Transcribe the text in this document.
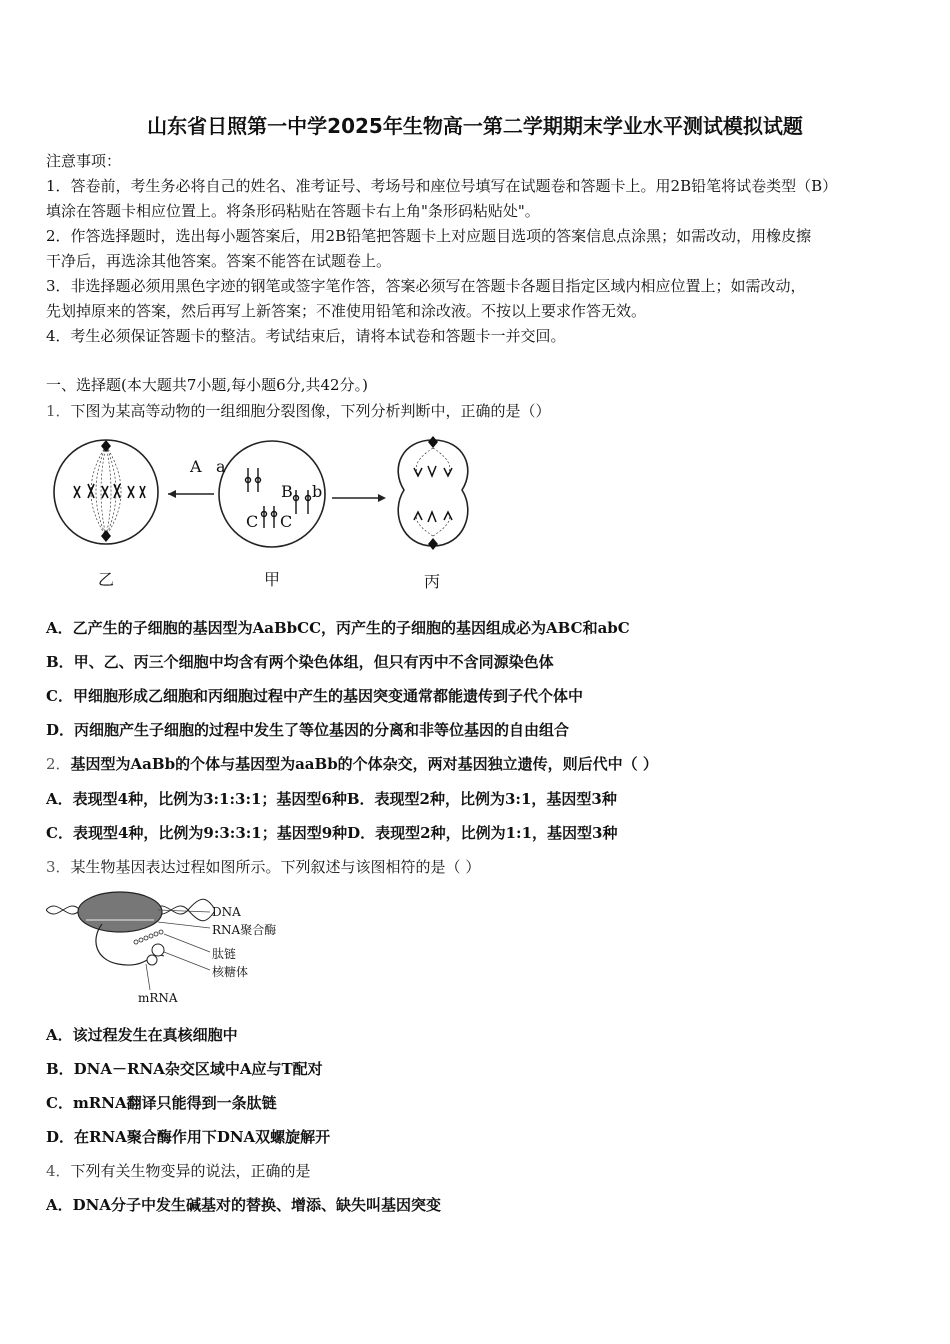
山东省日照第一中学2025年生物高一第二学期期末学业水平测试模拟试题
注意事项：
1．答卷前，考生务必将自己的姓名、准考证号、考场号和座位号填写在试题卷和答题卡上。用2B铅笔将试卷类型（B）
填涂在答题卡相应位置上。将条形码粘贴在答题卡右上角"条形码粘贴处"。
2．作答选择题时，选出每小题答案后，用2B铅笔把答题卡上对应题目选项的答案信息点涂黑；如需改动，用橡皮擦
干净后，再选涂其他答案。答案不能答在试题卷上。
3．非选择题必须用黑色字迹的钢笔或签字笔作答，答案必须写在答题卡各题目指定区域内相应位置上；如需改动，
先划掉原来的答案，然后再写上新答案；不准使用铅笔和涂改液。不按以上要求作答无效。
4．考生必须保证答题卡的整洁。考试结束后，请将本试卷和答题卡一并交回。
一、选择题(本大题共7小题,每小题6分,共42分。)
1．下图为某高等动物的一组细胞分裂图像，下列分析判断中，正确的是（）
A a
B b
C C
乙	甲	丙
A．乙产生的子细胞的基因型为AaBbCC，丙产生的子细胞的基因组成必为ABC和abC
B．甲、乙、丙三个细胞中均含有两个染色体组，但只有丙中不含同源染色体
C．甲细胞形成乙细胞和丙细胞过程中产生的基因突变通常都能遗传到子代个体中
D．丙细胞产生子细胞的过程中发生了等位基因的分离和非等位基因的自由组合
2．基因型为AaBb的个体与基因型为aaBb的个体杂交，两对基因独立遗传，则后代中（ ）
A．表现型4种，比例为3:1:3:1；基因型6种B．表现型2种，比例为3:1，基因型3种
C．表现型4种，比例为9:3:3:1；基因型9种D．表现型2种，比例为1:1，基因型3种
3．某生物基因表达过程如图所示。下列叙述与该图相符的是（ ）
DNA
RNA聚合酶
肽链
核糖体
mRNA
A．该过程发生在真核细胞中
B．DNA－RNA杂交区域中A应与T配对
C．mRNA翻译只能得到一条肽链
D．在RNA聚合酶作用下DNA双螺旋解开
4．下列有关生物变异的说法，正确的是
A．DNA分子中发生碱基对的替换、增添、缺失叫基因突变
